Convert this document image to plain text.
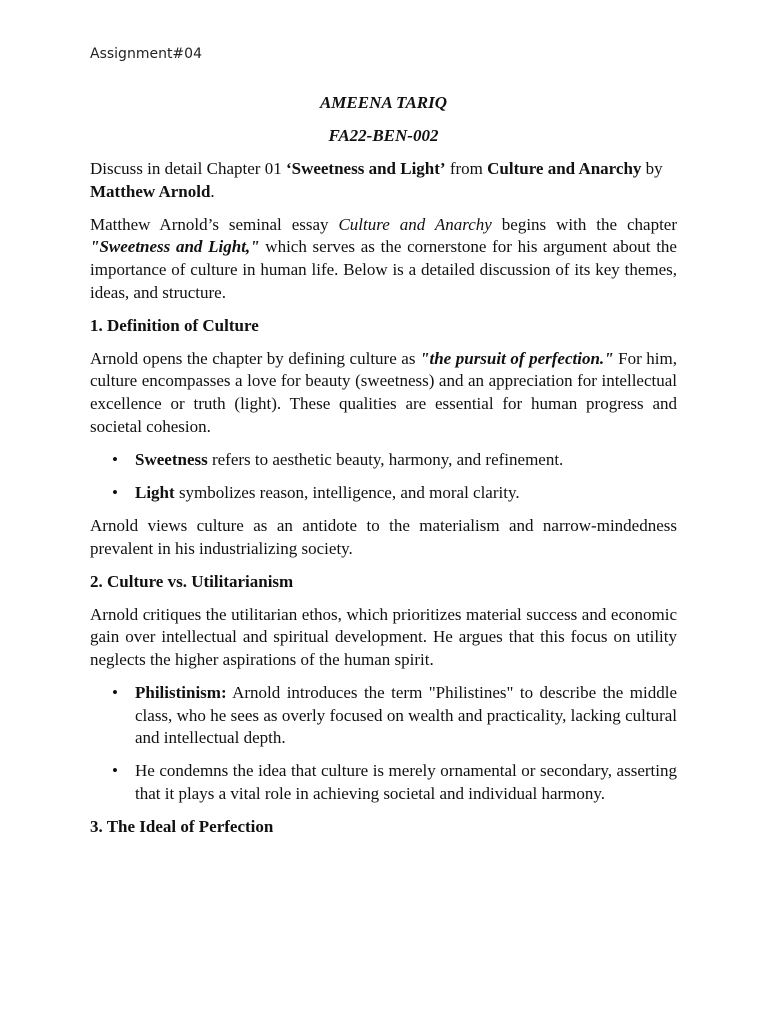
Assignment#04

AMEENA TARIQ

FA22-BEN-002

Discuss in detail Chapter 01 ‘Sweetness and Light’ from Culture and Anarchy by Matthew Arnold.

Matthew Arnold’s seminal essay Culture and Anarchy begins with the chapter "Sweetness and Light," which serves as the cornerstone for his argument about the importance of culture in human life. Below is a detailed discussion of its key themes, ideas, and structure.

1. Definition of Culture

Arnold opens the chapter by defining culture as "the pursuit of perfection." For him, culture encompasses a love for beauty (sweetness) and an appreciation for intellectual excellence or truth (light). These qualities are essential for human progress and societal cohesion.

• Sweetness refers to aesthetic beauty, harmony, and refinement.
• Light symbolizes reason, intelligence, and moral clarity.

Arnold views culture as an antidote to the materialism and narrow-mindedness prevalent in his industrializing society.

2. Culture vs. Utilitarianism

Arnold critiques the utilitarian ethos, which prioritizes material success and economic gain over intellectual and spiritual development. He argues that this focus on utility neglects the higher aspirations of the human spirit.

• Philistinism: Arnold introduces the term "Philistines" to describe the middle class, who he sees as overly focused on wealth and practicality, lacking cultural and intellectual depth.
• He condemns the idea that culture is merely ornamental or secondary, asserting that it plays a vital role in achieving societal and individual harmony.
3. The Ideal of Perfection
